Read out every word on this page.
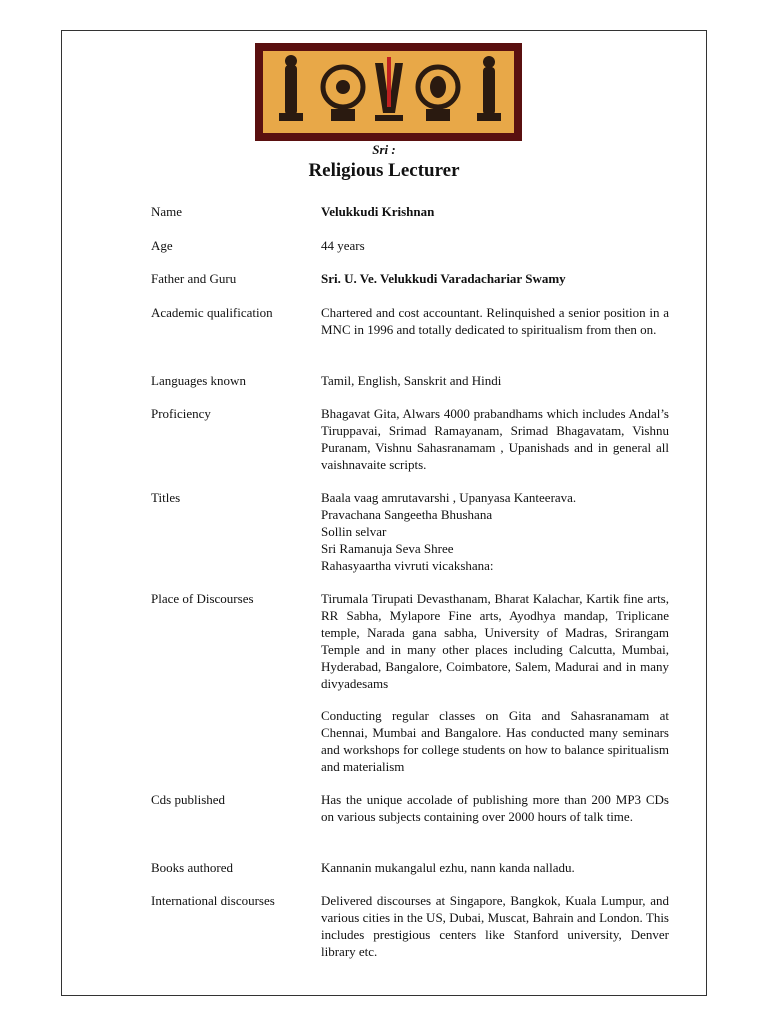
Sri :
Religious Lecturer
Name	Velukkudi Krishnan
Age	44 years
Father and Guru	Sri. U. Ve. Velukkudi Varadachariar Swamy
Academic qualification	Chartered and cost accountant. Relinquished a senior position in a MNC in 1996 and totally dedicated to spiritualism from then on.
Languages known	Tamil, English, Sanskrit and Hindi
Proficiency	Bhagavat Gita, Alwars 4000 prabandhams which includes Andal’s Tiruppavai, Srimad Ramayanam, Srimad Bhagavatam, Vishnu Puranam, Vishnu Sahasranamam , Upanishads and in general all vaishnavaite scripts.
Titles	Baala vaag amrutavarshi , Upanyasa Kanteerava.
Pravachana Sangeetha Bhushana
Sollin selvar
Sri Ramanuja Seva Shree
Rahasyaartha vivruti vicakshana:
Place of Discourses	Tirumala Tirupati Devasthanam, Bharat Kalachar, Kartik fine arts, RR Sabha, Mylapore Fine arts, Ayodhya mandap, Triplicane temple, Narada gana sabha, University of Madras, Srirangam Temple and in many other places including Calcutta, Mumbai, Hyderabad, Bangalore, Coimbatore, Salem, Madurai and in many divyadesams
Conducting regular classes on Gita and Sahasranamam at Chennai, Mumbai and Bangalore. Has conducted many seminars and workshops for college students on how to balance spiritualism and materialism
Cds published	Has the unique accolade of publishing more than 200 MP3 CDs on various subjects containing over 2000 hours of talk time.
Books authored	Kannanin mukangalul ezhu, nann kanda nalladu.
International discourses	Delivered discourses at Singapore, Bangkok, Kuala Lumpur, and various cities in the US, Dubai, Muscat, Bahrain and London. This includes prestigious centers like Stanford university, Denver library etc.
